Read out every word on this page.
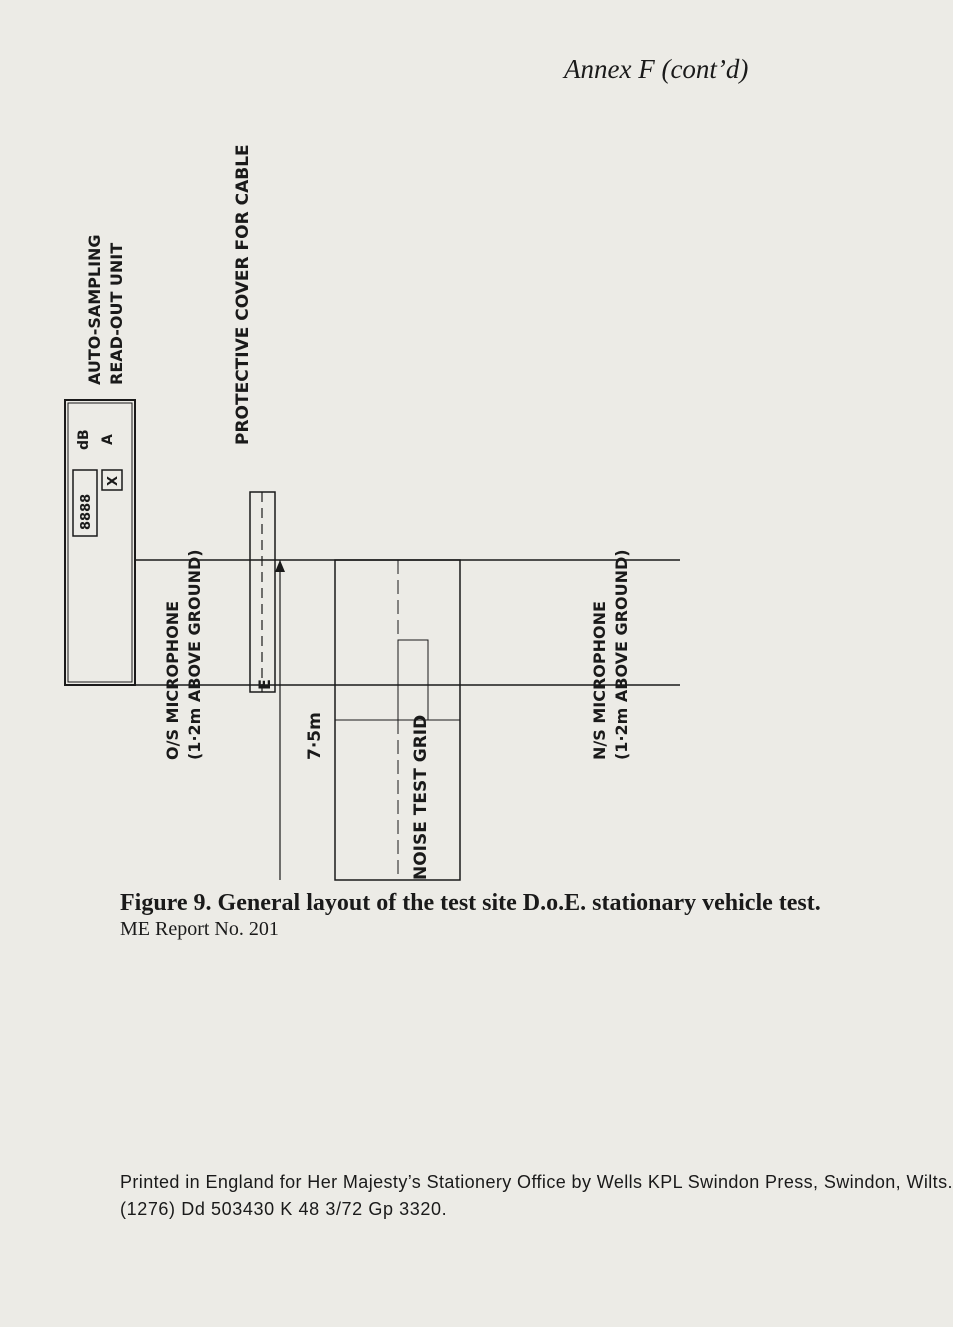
Annex F (cont’d)
AUTO-SAMPLING READ-OUT UNIT
dB A
8888
X
PROTECTIVE COVER FOR CABLE
O/S MICROPHONE (1·2m ABOVE GROUND)	E
7·5m	N/S MICROPHONE (1·2m ABOVE GROUND)
NOISE TEST GRID
Figure 9. General layout of the test site D.o.E. stationary vehicle test.
ME Report No. 201
Printed in England for Her Majesty’s Stationery Office by Wells KPL Swindon Press, Swindon, Wilts.
(1276) Dd 503430 K 48 3/72 Gp 3320.
